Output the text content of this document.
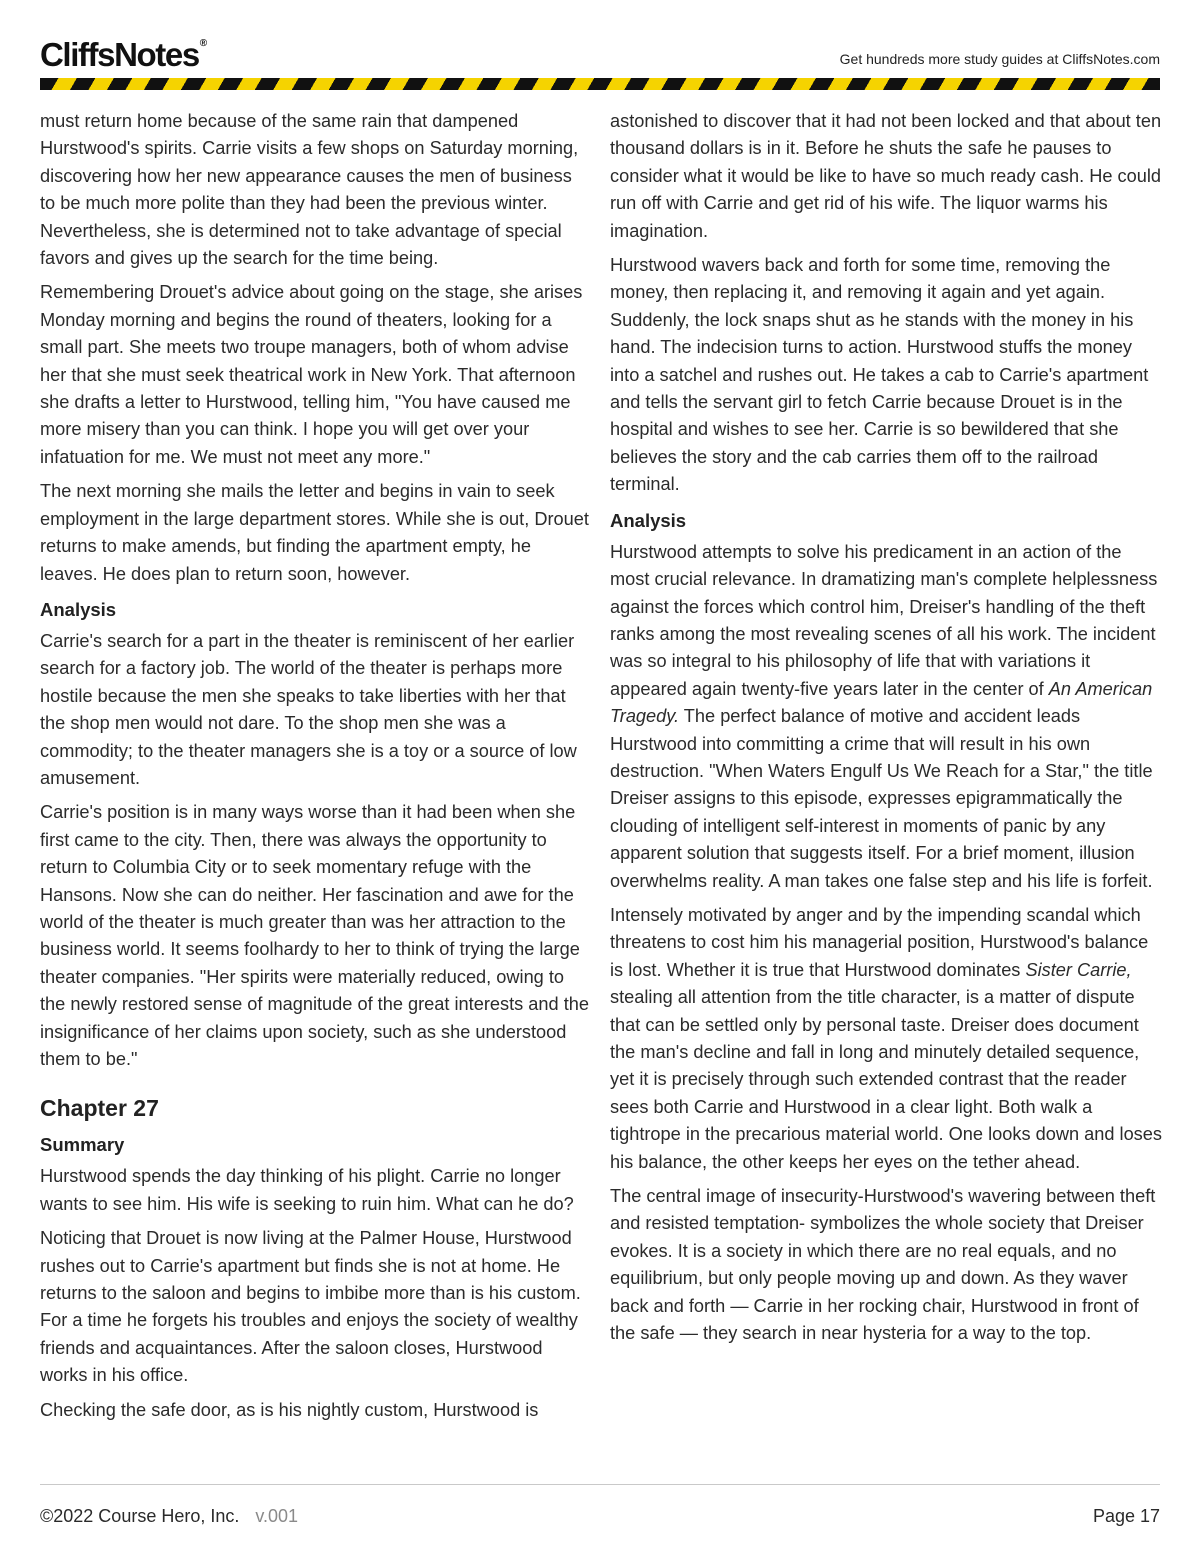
CliffsNotes®
Get hundreds more study guides at CliffsNotes.com

must return home because of the same rain that dampened Hurstwood's spirits. Carrie visits a few shops on Saturday morning, discovering how her new appearance causes the men of business to be much more polite than they had been the previous winter. Nevertheless, she is determined not to take advantage of special favors and gives up the search for the time being.

Remembering Drouet's advice about going on the stage, she arises Monday morning and begins the round of theaters, looking for a small part. She meets two troupe managers, both of whom advise her that she must seek theatrical work in New York. That afternoon she drafts a letter to Hurstwood, telling him, "You have caused me more misery than you can think. I hope you will get over your infatuation for me. We must not meet any more."

The next morning she mails the letter and begins in vain to seek employment in the large department stores. While she is out, Drouet returns to make amends, but finding the apartment empty, he leaves. He does plan to return soon, however.

Analysis

Carrie's search for a part in the theater is reminiscent of her earlier search for a factory job. The world of the theater is perhaps more hostile because the men she speaks to take liberties with her that the shop men would not dare. To the shop men she was a commodity; to the theater managers she is a toy or a source of low amusement.

Carrie's position is in many ways worse than it had been when she first came to the city. Then, there was always the opportunity to return to Columbia City or to seek momentary refuge with the Hansons. Now she can do neither. Her fascination and awe for the world of the theater is much greater than was her attraction to the business world. It seems foolhardy to her to think of trying the large theater companies. "Her spirits were materially reduced, owing to the newly restored sense of magnitude of the great interests and the insignificance of her claims upon society, such as she understood them to be."

Chapter 27
Summary

Hurstwood spends the day thinking of his plight. Carrie no longer wants to see him. His wife is seeking to ruin him. What can he do?

Noticing that Drouet is now living at the Palmer House, Hurstwood rushes out to Carrie's apartment but finds she is not at home. He returns to the saloon and begins to imbibe more than is his custom. For a time he forgets his troubles and enjoys the society of wealthy friends and acquaintances. After the saloon closes, Hurstwood works in his office.

Checking the safe door, as is his nightly custom, Hurstwood is

astonished to discover that it had not been locked and that about ten thousand dollars is in it. Before he shuts the safe he pauses to consider what it would be like to have so much ready cash. He could run off with Carrie and get rid of his wife. The liquor warms his imagination.

Hurstwood wavers back and forth for some time, removing the money, then replacing it, and removing it again and yet again. Suddenly, the lock snaps shut as he stands with the money in his hand. The indecision turns to action. Hurstwood stuffs the money into a satchel and rushes out. He takes a cab to Carrie's apartment and tells the servant girl to fetch Carrie because Drouet is in the hospital and wishes to see her. Carrie is so bewildered that she believes the story and the cab carries them off to the railroad terminal.

Analysis

Hurstwood attempts to solve his predicament in an action of the most crucial relevance. In dramatizing man's complete helplessness against the forces which control him, Dreiser's handling of the theft ranks among the most revealing scenes of all his work. The incident was so integral to his philosophy of life that with variations it appeared again twenty-five years later in the center of An American Tragedy. The perfect balance of motive and accident leads Hurstwood into committing a crime that will result in his own destruction. "When Waters Engulf Us We Reach for a Star," the title Dreiser assigns to this episode, expresses epigrammatically the clouding of intelligent self-interest in moments of panic by any apparent solution that suggests itself. For a brief moment, illusion overwhelms reality. A man takes one false step and his life is forfeit.

Intensely motivated by anger and by the impending scandal which threatens to cost him his managerial position, Hurstwood's balance is lost. Whether it is true that Hurstwood dominates Sister Carrie, stealing all attention from the title character, is a matter of dispute that can be settled only by personal taste. Dreiser does document the man's decline and fall in long and minutely detailed sequence, yet it is precisely through such extended contrast that the reader sees both Carrie and Hurstwood in a clear light. Both walk a tightrope in the precarious material world. One looks down and loses his balance, the other keeps her eyes on the tether ahead.

The central image of insecurity-Hurstwood's wavering between theft and resisted temptation- symbolizes the whole society that Dreiser evokes. It is a society in which there are no real equals, and no equilibrium, but only people moving up and down. As they waver back and forth — Carrie in her rocking chair, Hurstwood in front of the safe — they search in near hysteria for a way to the top.

©2022 Course Hero, Inc. v.001	Page 17
